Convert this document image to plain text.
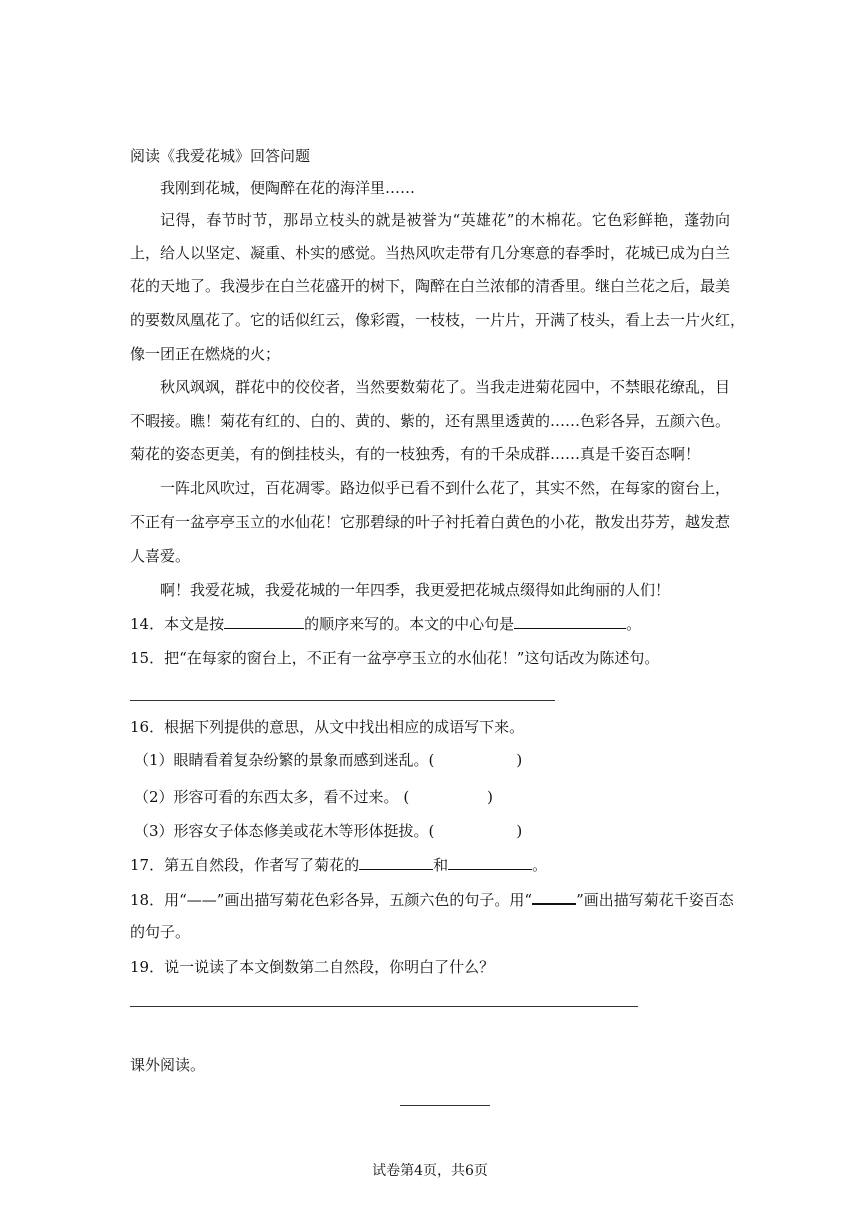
阅读《我爱花城》回答问题
我刚到花城，便陶醉在花的海洋里……
记得，春节时节，那昂立枝头的就是被誉为“英雄花”的木棉花。它色彩鲜艳，蓬勃向
上，给人以坚定、凝重、朴实的感觉。当热风吹走带有几分寒意的春季时，花城已成为白兰
花的天地了。我漫步在白兰花盛开的树下，陶醉在白兰浓郁的清香里。继白兰花之后，最美
的要数凤凰花了。它的话似红云，像彩霞，一枝枝，一片片，开满了枝头，看上去一片火红，
像一团正在燃烧的火；
秋风飒飒，群花中的佼佼者，当然要数菊花了。当我走进菊花园中，不禁眼花缭乱，目
不暇接。瞧！菊花有红的、白的、黄的、紫的，还有黑里透黄的……色彩各异，五颜六色。
菊花的姿态更美，有的倒挂枝头，有的一枝独秀，有的千朵成群……真是千姿百态啊！
一阵北风吹过，百花凋零。路边似乎已看不到什么花了，其实不然，在每家的窗台上，
不正有一盆亭亭玉立的水仙花！它那碧绿的叶子衬托着白黄色的小花，散发出芬芳，越发惹
人喜爱。
啊！我爱花城，我爱花城的一年四季，我更爱把花城点缀得如此绚丽的人们！
14．本文是按	的顺序来写的。本文的中心句是	。
15．把“在每家的窗台上，不正有一盆亭亭玉立的水仙花！”这句话改为陈述句。
16．根据下列提供的意思，从文中找出相应的成语写下来。
（1）眼睛看着复杂纷繁的景象而感到迷乱。(	)
（2）形容可看的东西太多，看不过来。 (	)
（3）形容女子体态修美或花木等形体挺拔。(	)
17．第五自然段，作者写了菊花的	和	。
18．用“——”画出描写菊花色彩各异，五颜六色的句子。用“	”画出描写菊花千姿百态
的句子。
19．说一说读了本文倒数第二自然段，你明白了什么？
课外阅读。
试卷第4页，共6页
